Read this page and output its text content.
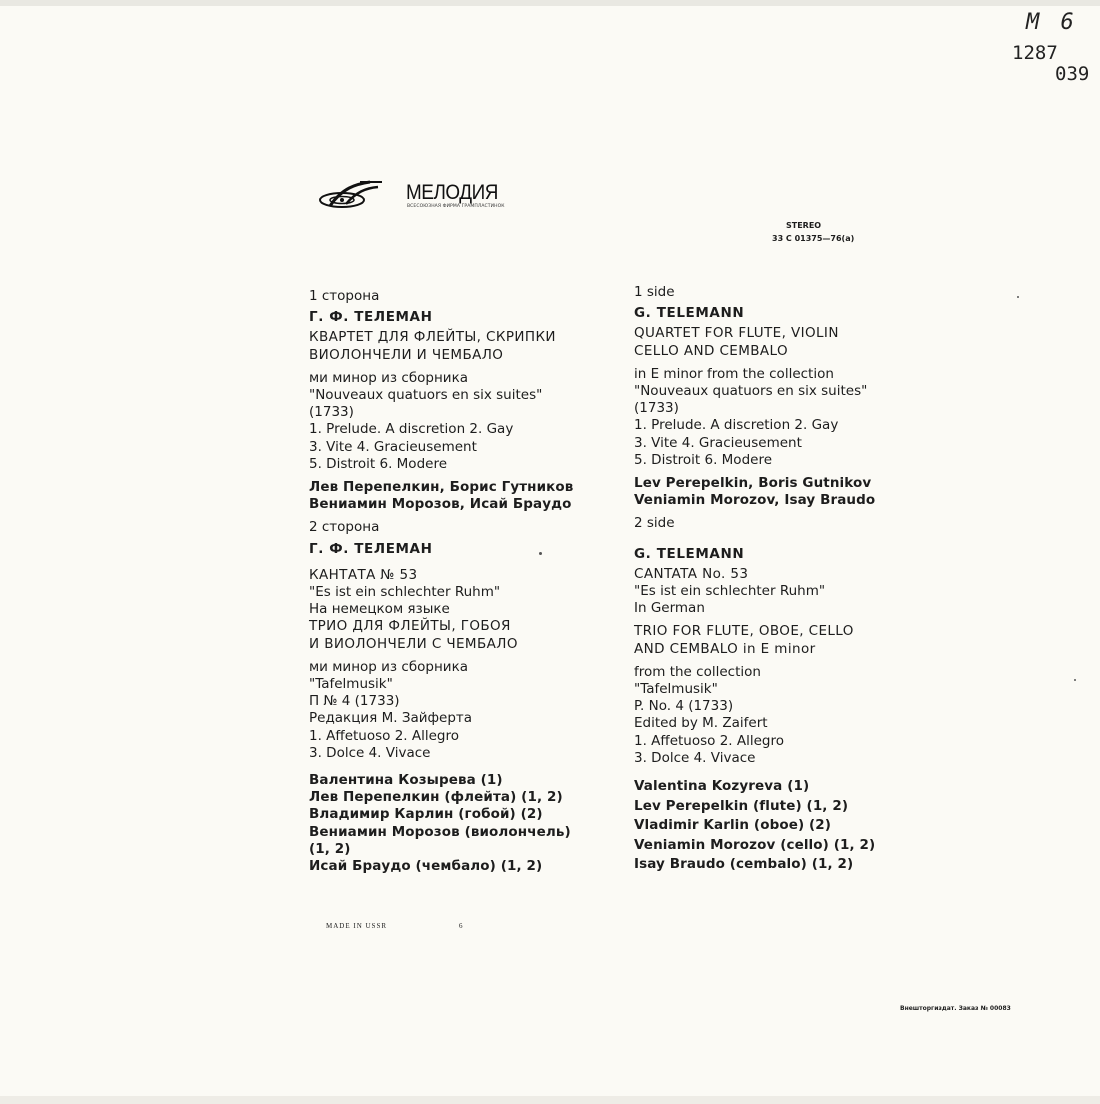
M 6
1287
039
МЕЛОДИЯ
ВСЕСОЮЗНАЯ ФИРМА ГРАМПЛАСТИНОК
STEREO
33 С 01375—76(а)
1 сторона
Г. Ф. ТЕЛЕМАН
КВАРТЕТ ДЛЯ ФЛЕЙТЫ, СКРИПКИ
ВИОЛОНЧЕЛИ И ЧЕМБАЛО
ми минор из сборника
"Nouveaux quatuors en six suites"
(1733)
1. Prelude. A discretion 2. Gay
3. Vite 4. Gracieusement
5. Distroit 6. Modere
Лев Перепелкин, Борис Гутников
Вениамин Морозов, Исай Браудо
2 сторона
Г. Ф. ТЕЛЕМАН
КАНТАТА № 53
"Es ist ein schlechter Ruhm"
На немецком языке
ТРИО ДЛЯ ФЛЕЙТЫ, ГОБОЯ
И ВИОЛОНЧЕЛИ С ЧЕМБАЛО
ми минор из сборника
"Tafelmusik"
П № 4 (1733)
Редакция М. Зайферта
1. Affetuoso 2. Allegro
3. Dolce 4. Vivace
Валентина Козырева (1)
Лев Перепелкин (флейта) (1, 2)
Владимир Карлин (гобой) (2)
Вениамин Морозов (виолончель)
(1, 2)
Исай Браудо (чембало) (1, 2)
1 side
G. TELEMANN
QUARTET FOR FLUTE, VIOLIN
CELLO AND CEMBALO
in E minor from the collection
"Nouveaux quatuors en six suites"
(1733)
1. Prelude. A discretion 2. Gay
3. Vite 4. Gracieusement
5. Distroit 6. Modere
Lev Perepelkin, Boris Gutnikov
Veniamin Morozov, Isay Braudo
2 side
G. TELEMANN
CANTATA No. 53
"Es ist ein schlechter Ruhm"
In German
TRIO FOR FLUTE, OBOE, CELLO
AND CEMBALO in E minor
from the collection
"Tafelmusik"
P. No. 4 (1733)
Edited by M. Zaifert
1. Affetuoso 2. Allegro
3. Dolce 4. Vivace
Valentina Kozyreva (1)
Lev Perepelkin (flute) (1, 2)
Vladimir Karlin (oboe) (2)
Veniamin Morozov (cello) (1, 2)
Isay Braudo (cembalo) (1, 2)
MADE IN USSR	6
Внешторгиздат. Заказ № 00083
